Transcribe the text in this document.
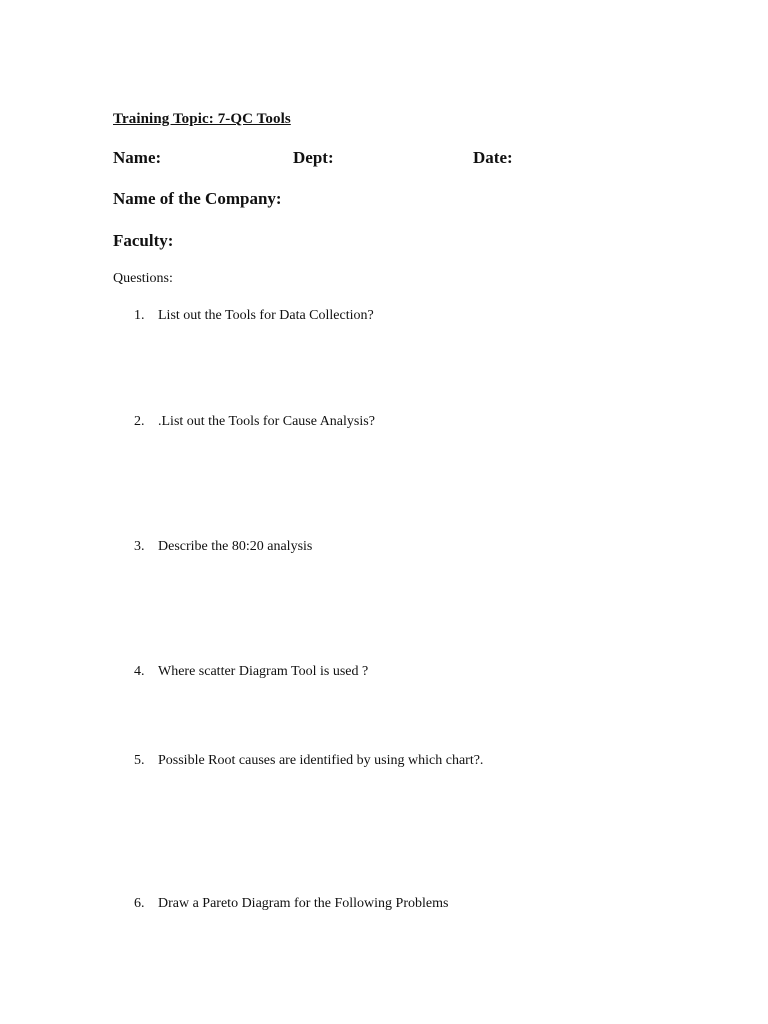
Training Topic: 7-QC Tools
Name:	Dept:	Date:
Name of the Company:
Faculty:
Questions:
1. List out the Tools for Data Collection?
2. .List out the Tools for Cause Analysis?
3. Describe the 80:20 analysis
4. Where scatter Diagram Tool is used ?
5. Possible Root causes are identified by using which chart?.
6. Draw a Pareto Diagram for the Following Problems
